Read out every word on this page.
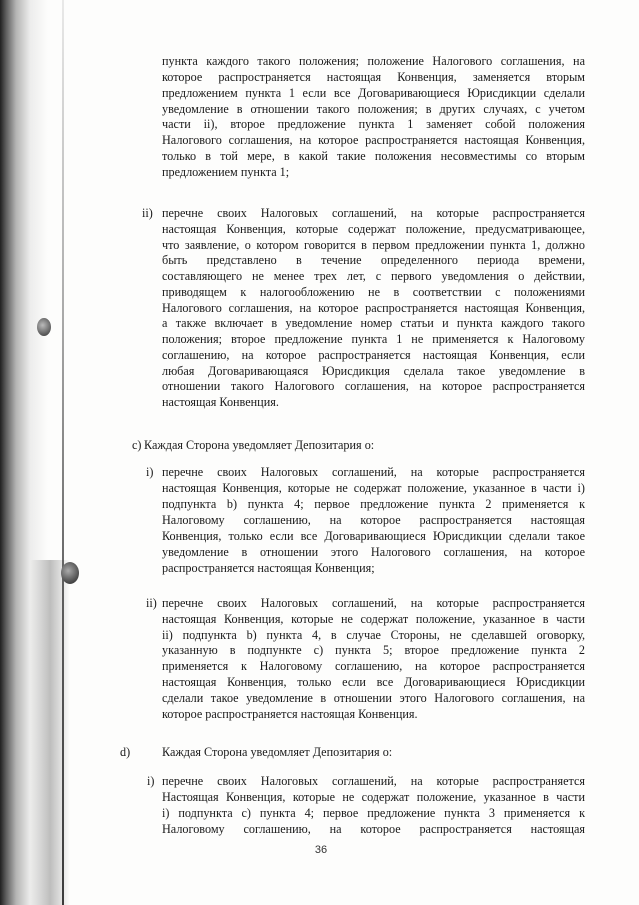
пункта каждого такого положения; положение Налогового соглашения, на

которое распространяется настоящая Конвенция, заменяется вторым

предложением пункта 1 если все Договаривающиеся Юрисдикции сделали

уведомление в отношении такого положения; в других случаях, с учетом

части ii), второе предложение пункта 1 заменяет собой положения

Налогового соглашения, на которое распространяется настоящая Конвенция,

только в той мере, в какой такие положения несовместимы со вторым

предложением пункта 1;

ii) перечне своих Налоговых соглашений, на которые распространяется

настоящая Конвенция, которые содержат положение, предусматривающее,

что заявление, о котором говорится в первом предложении пункта 1, должно

быть представлено в течение определенного периода времени,

составляющего не менее трех лет, с первого уведомления о действии,

приводящем к налогообложению не в соответствии с положениями

Налогового соглашения, на которое распространяется настоящая Конвенция,

а также включает в уведомление номер статьи и пункта каждого такого

положения; второе предложение пункта 1 не применяется к Налоговому

соглашению, на которое распространяется настоящая Конвенция, если

любая Договаривающаяся Юрисдикция сделала такое уведомление в

отношении такого Налогового соглашения, на которое распространяется

настоящая Конвенция.

c) Каждая Сторона уведомляет Депозитария о:

i) перечне своих Налоговых соглашений, на которые распространяется

настоящая Конвенция, которые не содержат положение, указанное в части i)

подпункта b) пункта 4; первое предложение пункта 2 применяется к

Налоговому соглашению, на которое распространяется настоящая

Конвенция, только если все Договаривающиеся Юрисдикции сделали такое

уведомление в отношении этого Налогового соглашения, на которое

распространяется настоящая Конвенция;

ii) перечне своих Налоговых соглашений, на которые распространяется

настоящая Конвенция, которые не содержат положение, указанное в части

ii) подпункта b) пункта 4, в случае Стороны, не сделавшей оговорку,

указанную в подпункте c) пункта 5; второе предложение пункта 2

применяется к Налоговому соглашению, на которое распространяется

настоящая Конвенция, только если все Договаривающиеся Юрисдикции

сделали такое уведомление в отношении этого Налогового соглашения, на

которое распространяется настоящая Конвенция.

d)	Каждая Сторона уведомляет Депозитария о:

i) перечне своих Налоговых соглашений, на которые распространяется

Настоящая Конвенция, которые не содержат положение, указанное в части

i) подпункта c) пункта 4; первое предложение пункта 3 применяется к

Налоговому соглашению, на которое распространяется настоящая

36
